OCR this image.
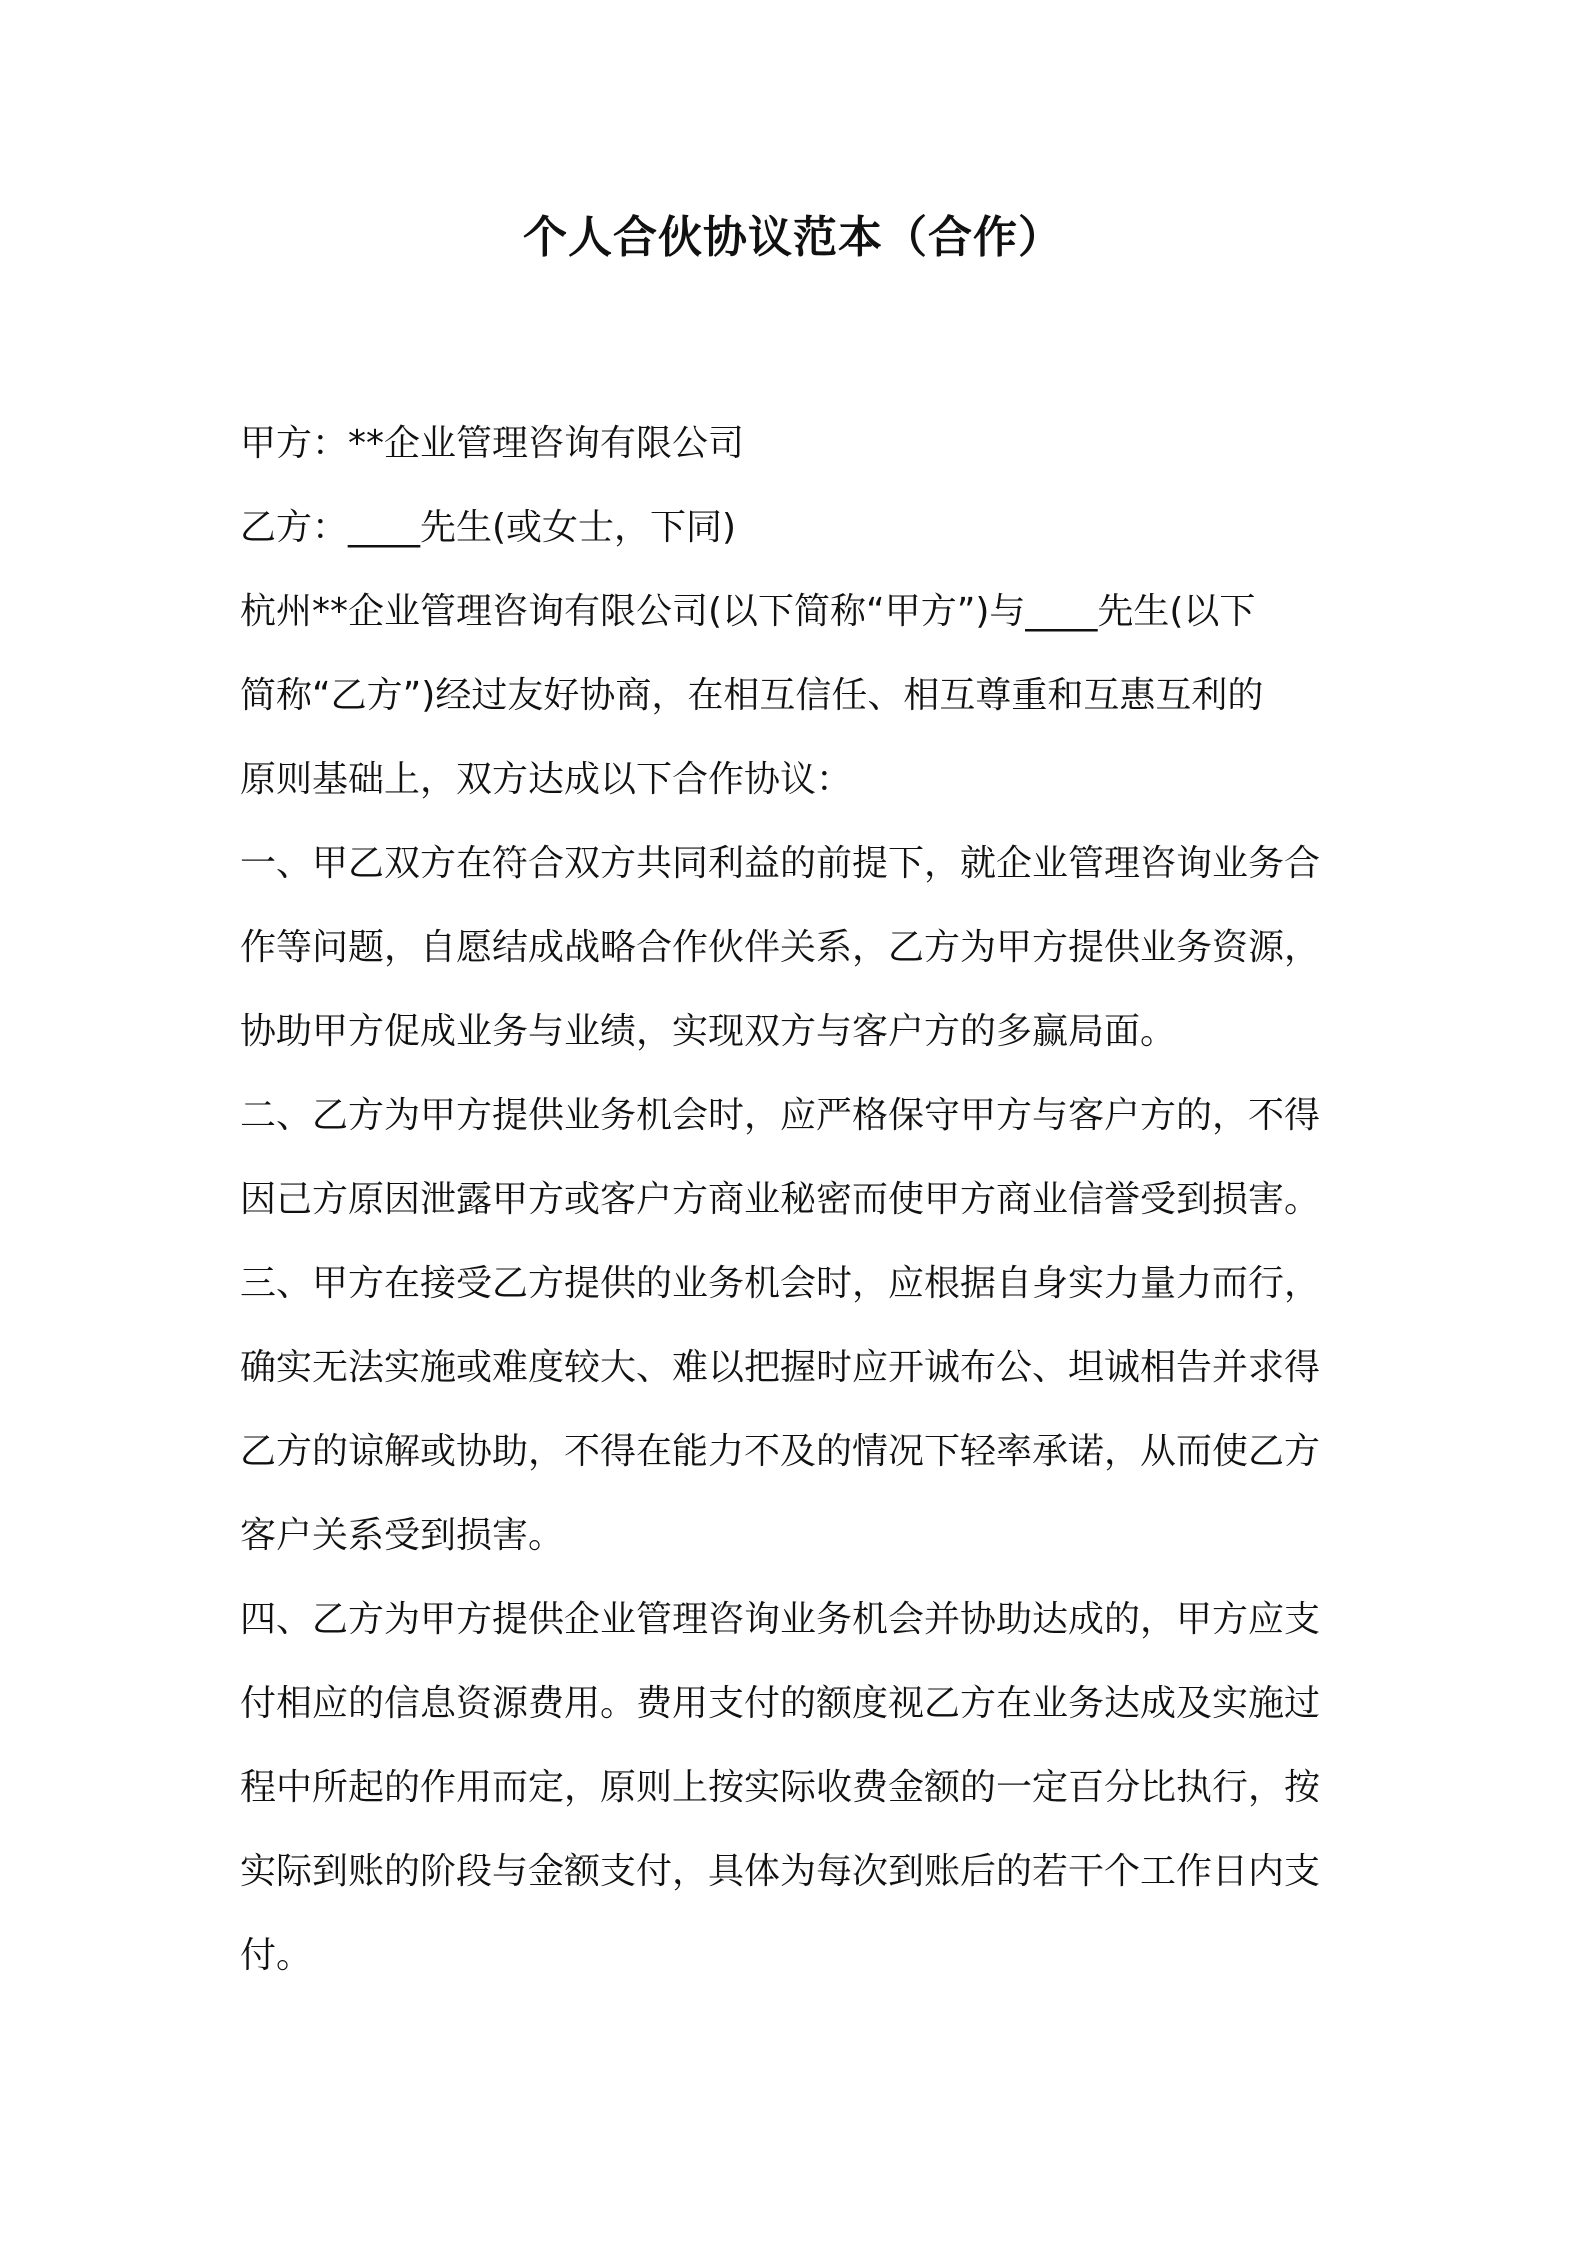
个人合伙协议范本（合作）

甲方：**企业管理咨询有限公司

乙方：____先生(或女士，下同)

杭州**企业管理咨询有限公司(以下简称“甲方”)与____先生(以下
简称“乙方”)经过友好协商，在相互信任、相互尊重和互惠互利的
原则基础上，双方达成以下合作协议：

一、甲乙双方在符合双方共同利益的前提下，就企业管理咨询业务合
作等问题，自愿结成战略合作伙伴关系，乙方为甲方提供业务资源，
协助甲方促成业务与业绩，实现双方与客户方的多赢局面。

二、乙方为甲方提供业务机会时，应严格保守甲方与客户方的，不得
因己方原因泄露甲方或客户方商业秘密而使甲方商业信誉受到损害。

三、甲方在接受乙方提供的业务机会时，应根据自身实力量力而行，
确实无法实施或难度较大、难以把握时应开诚布公、坦诚相告并求得
乙方的谅解或协助，不得在能力不及的情况下轻率承诺，从而使乙方
客户关系受到损害。

四、乙方为甲方提供企业管理咨询业务机会并协助达成的，甲方应支
付相应的信息资源费用。费用支付的额度视乙方在业务达成及实施过
程中所起的作用而定，原则上按实际收费金额的一定百分比执行，按
实际到账的阶段与金额支付，具体为每次到账后的若干个工作日内支
付。
